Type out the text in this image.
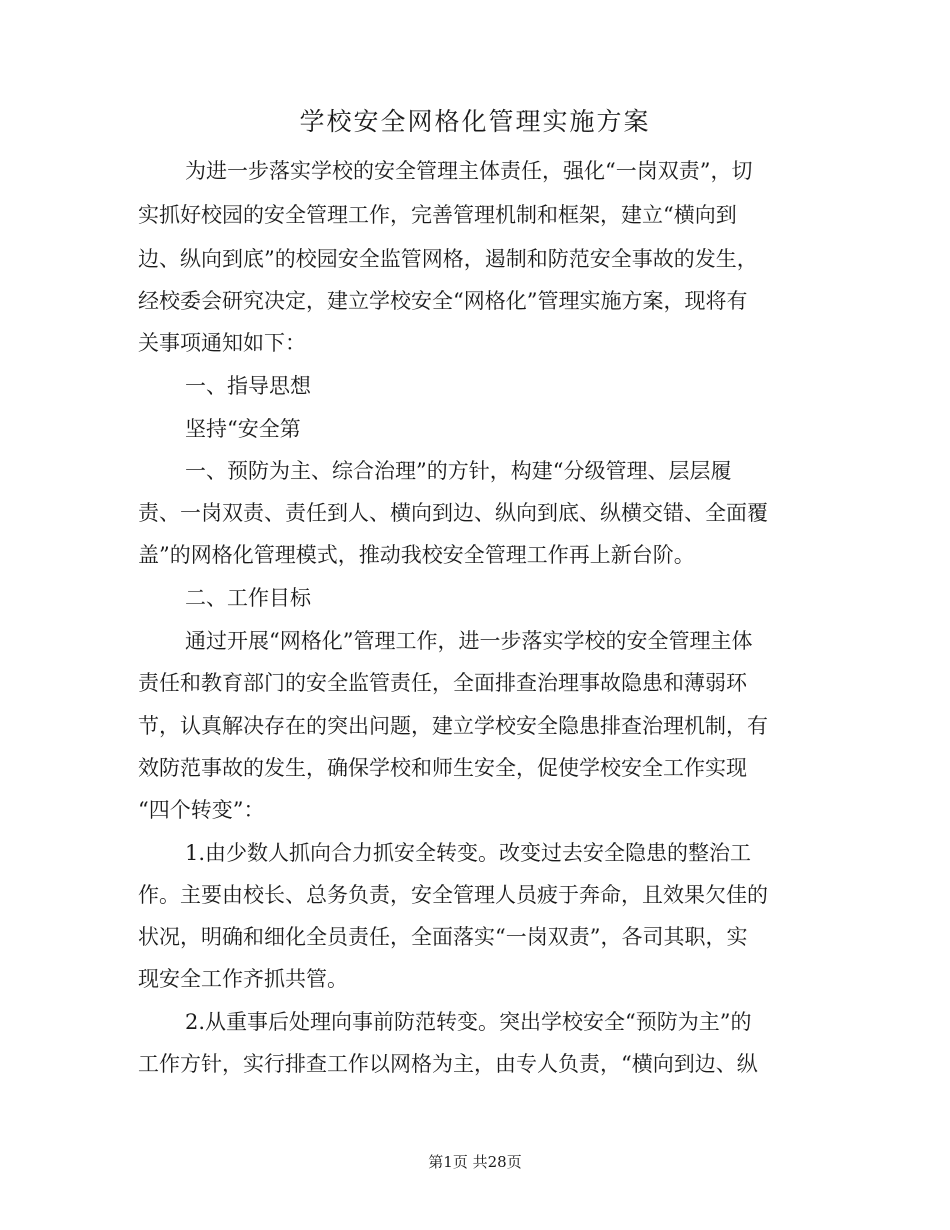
学校安全网格化管理实施方案
为进一步落实学校的安全管理主体责任，强化“一岗双责”，切
实抓好校园的安全管理工作，完善管理机制和框架，建立“横向到
边、纵向到底”的校园安全监管网格，遏制和防范安全事故的发生，
经校委会研究决定，建立学校安全“网格化”管理实施方案，现将有
关事项通知如下：
一、指导思想
坚持“安全第
一、预防为主、综合治理”的方针，构建“分级管理、层层履
责、一岗双责、责任到人、横向到边、纵向到底、纵横交错、全面覆
盖”的网格化管理模式，推动我校安全管理工作再上新台阶。
二、工作目标
通过开展“网格化”管理工作，进一步落实学校的安全管理主体
责任和教育部门的安全监管责任，全面排查治理事故隐患和薄弱环
节，认真解决存在的突出问题，建立学校安全隐患排查治理机制，有
效防范事故的发生，确保学校和师生安全，促使学校安全工作实现
“四个转变”：
1.由少数人抓向合力抓安全转变。改变过去安全隐患的整治工
作。主要由校长、总务负责，安全管理人员疲于奔命，且效果欠佳的
状况，明确和细化全员责任，全面落实“一岗双责”，各司其职，实
现安全工作齐抓共管。
2.从重事后处理向事前防范转变。突出学校安全“预防为主”的
工作方针，实行排查工作以网格为主，由专人负责，“横向到边、纵
第1页 共28页
